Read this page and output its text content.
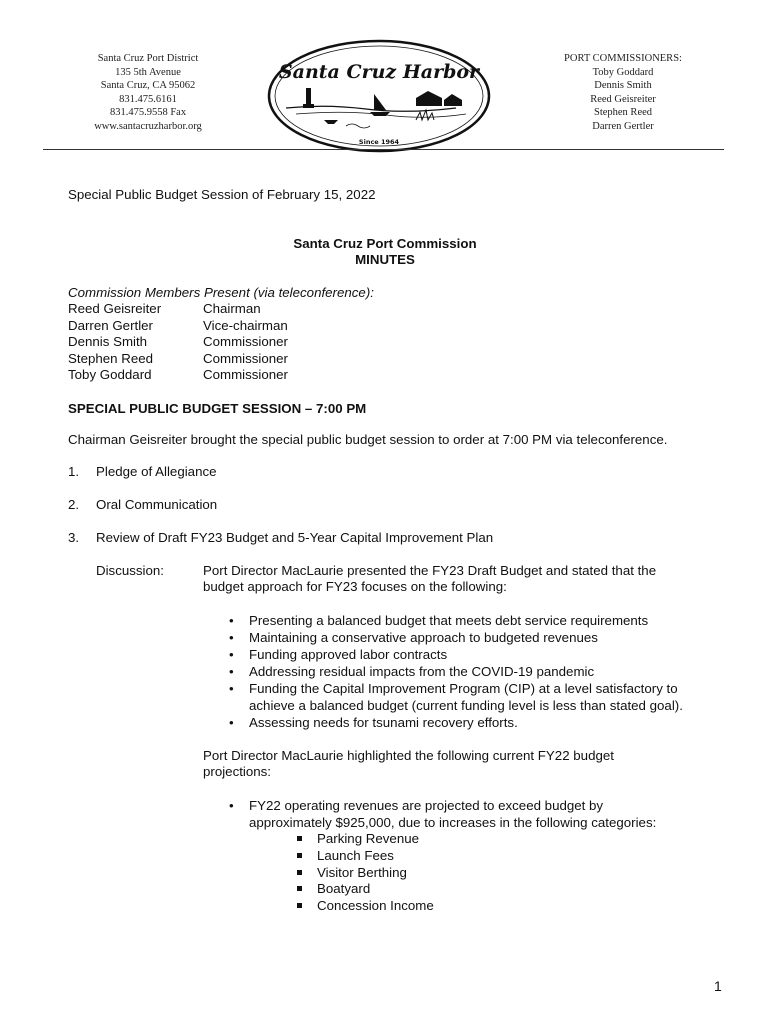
Santa Cruz Port District
135 5th Avenue
Santa Cruz, CA 95062
831.475.6161
831.475.9558 Fax
www.santacruzharbor.org
Santa Cruz Harbor
Since 1964
PORT COMMISSIONERS:
Toby Goddard
Dennis Smith
Reed Geisreiter
Stephen Reed
Darren Gertler
Special Public Budget Session of February 15, 2022
Santa Cruz Port Commission
MINUTES
Commission Members Present (via teleconference):
Reed Geisreiter	Chairman
Darren Gertler	Vice-chairman
Dennis Smith	Commissioner
Stephen Reed	Commissioner
Toby Goddard	Commissioner
SPECIAL PUBLIC BUDGET SESSION – 7:00 PM
Chairman Geisreiter brought the special public budget session to order at 7:00 PM via teleconference.
1. Pledge of Allegiance
2. Oral Communication
3. Review of Draft FY23 Budget and 5-Year Capital Improvement Plan
Discussion:	Port Director MacLaurie presented the FY23 Draft Budget and stated that the
budget approach for FY23 focuses on the following:
• Presenting a balanced budget that meets debt service requirements
• Maintaining a conservative approach to budgeted revenues
• Funding approved labor contracts
• Addressing residual impacts from the COVID-19 pandemic
• Funding the Capital Improvement Program (CIP) at a level satisfactory to
achieve a balanced budget (current funding level is less than stated goal).
• Assessing needs for tsunami recovery efforts.
Port Director MacLaurie highlighted the following current FY22 budget
projections:
• FY22 operating revenues are projected to exceed budget by
approximately $925,000, due to increases in the following categories:
Parking Revenue
Launch Fees
Visitor Berthing
Boatyard
Concession Income
1
